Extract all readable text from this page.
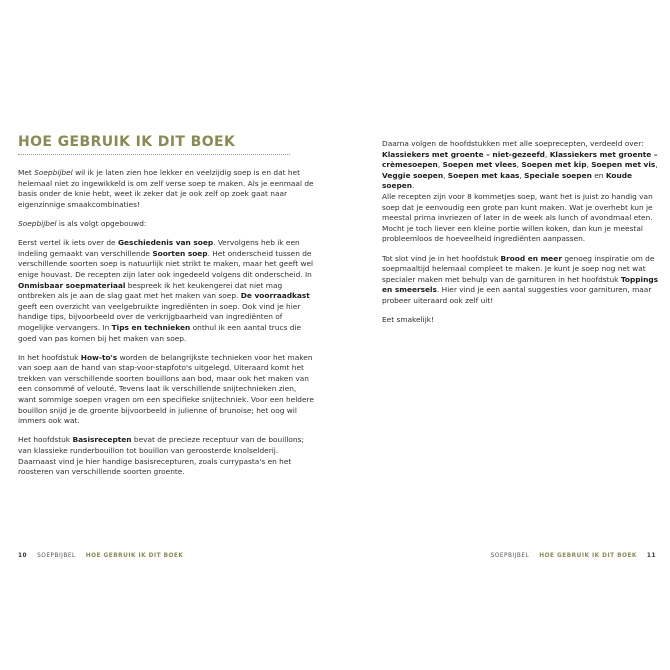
HOE GEBRUIK IK DIT BOEK

Met Soepbijbel wil ik je laten zien hoe lekker en veelzijdig soep is en dat het helemaal niet zo ingewikkeld is om zelf verse soep te maken. Als je eenmaal de basis onder de knie hebt, weet ik zeker dat je ook zelf op zoek gaat naar eigenzinnige smaakcombinaties!

Soepbijbel is als volgt opgebouwd:

Eerst vertel ik iets over de Geschiedenis van soep. Vervolgens heb ik een indeling gemaakt van verschillende Soorten soep. Het onderscheid tussen de verschillende soorten soep is natuurlijk niet strikt te maken, maar het geeft wel enige houvast. De recepten zijn later ook ingedeeld volgens dit onderscheid. In Onmisbaar soepmateriaal bespreek ik het keukengerei dat niet mag ontbreken als je aan de slag gaat met het maken van soep. De voorraadkast geeft een overzicht van veelgebruikte ingrediënten in soep. Ook vind je hier handige tips, bijvoorbeeld over de verkrijgbaarheid van ingrediënten of mogelijke vervangers. In Tips en technieken onthul ik een aantal trucs die goed van pas komen bij het maken van soep.

In het hoofdstuk How-to's worden de belangrijkste technieken voor het maken van soep aan de hand van stap-voor-stapfoto's uitgelegd. Uiteraard komt het trekken van verschillende soorten bouillons aan bod, maar ook het maken van een consommé of velouté. Tevens laat ik verschillende snijtechnieken zien, want sommige soepen vragen om een specifieke snijtechniek. Voor een heldere bouillon snijd je de groente bijvoorbeeld in julienne of brunoise; het oog wil immers ook wat.

Het hoofdstuk Basisrecepten bevat de precieze receptuur van de bouillons; van klassieke runderbouillon tot bouillon van geroosterde knolselderij. Daarnaast vind je hier handige basisrecepturen, zoals currypasta's en het roosteren van verschillende soorten groente.

Daarna volgen de hoofdstukken met alle soeprecepten, verdeeld over: Klassiekers met groente – niet-gezeefd, Klassiekers met groente – crèmesoepen, Soepen met vlees, Soepen met kip, Soepen met vis, Veggie soepen, Soepen met kaas, Speciale soepen en Koude soepen.
Alle recepten zijn voor 8 kommetjes soep, want het is juist zo handig van soep dat je eenvoudig een grote pan kunt maken. Wat je overhebt kun je meestal prima invriezen of later in de week als lunch of avondmaal eten. Mocht je toch liever een kleine portie willen koken, dan kun je meestal probleemloos de hoeveelheid ingrediënten aanpassen.

Tot slot vind je in het hoofdstuk Brood en meer genoeg inspiratie om de soepmaaltijd helemaal compleet te maken. Je kunt je soep nog net wat specialer maken met behulp van de garnituren in het hoofdstuk Toppings en smeersels. Hier vind je een aantal suggesties voor garnituren, maar probeer uiteraard ook zelf uit!

Eet smakelijk!

10 SOEPBIJBEL HOE GEBRUIK IK DIT BOEK	SOEPBIJBEL HOE GEBRUIK IK DIT BOEK 11
